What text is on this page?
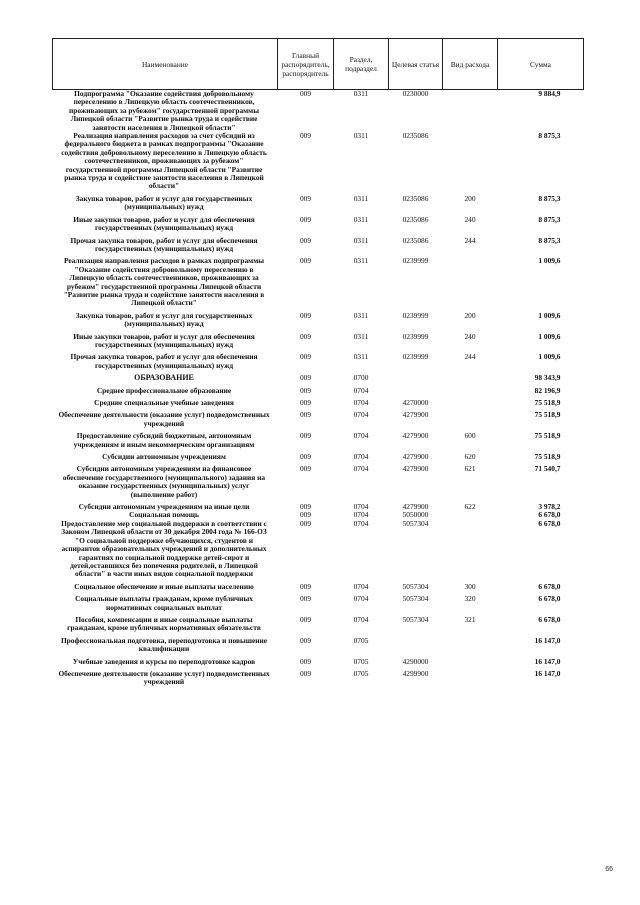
Наименование	Главный распорядитель, распорядитель	Раздел, подраздел	Целевая статья	Вид расхода	Сумма
Подпрограмма "Оказание содействия добровольному переселению в Липецкую область соотечественников, проживающих за рубежом" государственной программы Липецкой области "Развитие рынка труда и содействие занятости населения в Липецкой области"	009	0311	0230000		9 884,9
Реализация направления расходов за счет субсидий из федерального бюджета в рамках подпрограммы "Оказание содействия добровольному переселению в Липецкую область соотечественников, проживающих за рубежом" государственной программы Липецкой области "Развитие рынка труда и содействие занятости населения в Липецкой области"	009	0311	0235086		8 875,3
Закупка товаров, работ и услуг для государственных (муниципальных) нужд	009	0311	0235086	200	8 875,3
Иные закупки товаров, работ и услуг для обеспечения государственных (муниципальных) нужд	009	0311	0235086	240	8 875,3
Прочая закупка товаров, работ и услуг для обеспечения государственных (муниципальных) нужд	009	0311	0235086	244	8 875,3
Реализация направления расходов в рамках подпрограммы "Оказание содействия добровольному переселению в Липецкую область соотечественников, проживающих за рубежом" государственной программы Липецкой области "Развитие рынка труда и содействие занятости населения в Липецкой области"	009	0311	0239999		1 009,6
Закупка товаров, работ и услуг для государственных (муниципальных) нужд	009	0311	0239999	200	1 009,6
Иные закупки товаров, работ и услуг для обеспечения государственных (муниципальных) нужд	009	0311	0239999	240	1 009,6
Прочая закупка товаров, работ и услуг для обеспечения государственных (муниципальных) нужд	009	0311	0239999	244	1 009,6
ОБРАЗОВАНИЕ	009	0700			98 343,9
Среднее профессиональное образование	009	0704			82 196,9
Средние специальные учебные заведения	009	0704	4270000		75 518,9
Обеспечение деятельности (оказание услуг) подведомственных учреждений	009	0704	4279900		75 518,9
Предоставление субсидий бюджетным, автономным учреждениям и иным некоммерческим организациям	009	0704	4279900	600	75 518,9
Субсидии автономным учреждениям	009	0704	4279900	620	75 518,9
Субсидии автономным учреждениям на финансовое обеспечение государственного (муниципального) задания на оказание государственных (муниципальных) услуг (выполнение работ)	009	0704	4279900	621	71 540,7
Субсидии автономным учреждениям на иные цели	009	0704	4279900	622	3 978,2
Социальная помощь	009	0704	5050000		6 678,0
Предоставление мер социальной поддержки в соответствии с Законом Липецкой области от 30 декабря 2004 года № 166-ОЗ "О социальной поддержке обучающихся, студентов и аспирантов образовательных учреждений и дополнительных гарантиях по социальной поддержке детей-сирот и детей,оставшихся без попечения родителей, в Липецкой области" в части иных видов социальной поддержки	009	0704	5057304		6 678,0
Социальное обеспечение и иные выплаты населению	009	0704	5057304	300	6 678,0
Социальные выплаты гражданам, кроме публичных нормативных социальных выплат	009	0704	5057304	320	6 678,0
Пособия, компенсации и иные социальные выплаты гражданам, кроме публичных нормативных обязательств	009	0704	5057304	321	6 678,0
Профессиональная подготовка, переподготовка и повышение квалификации	009	0705			16 147,0
Учебные заведения и курсы по переподготовке кадров	009	0705	4290000		16 147,0
Обеспечение деятельности (оказание услуг) подведомственных учреждений	009	0705	4299900		16 147,0
66
